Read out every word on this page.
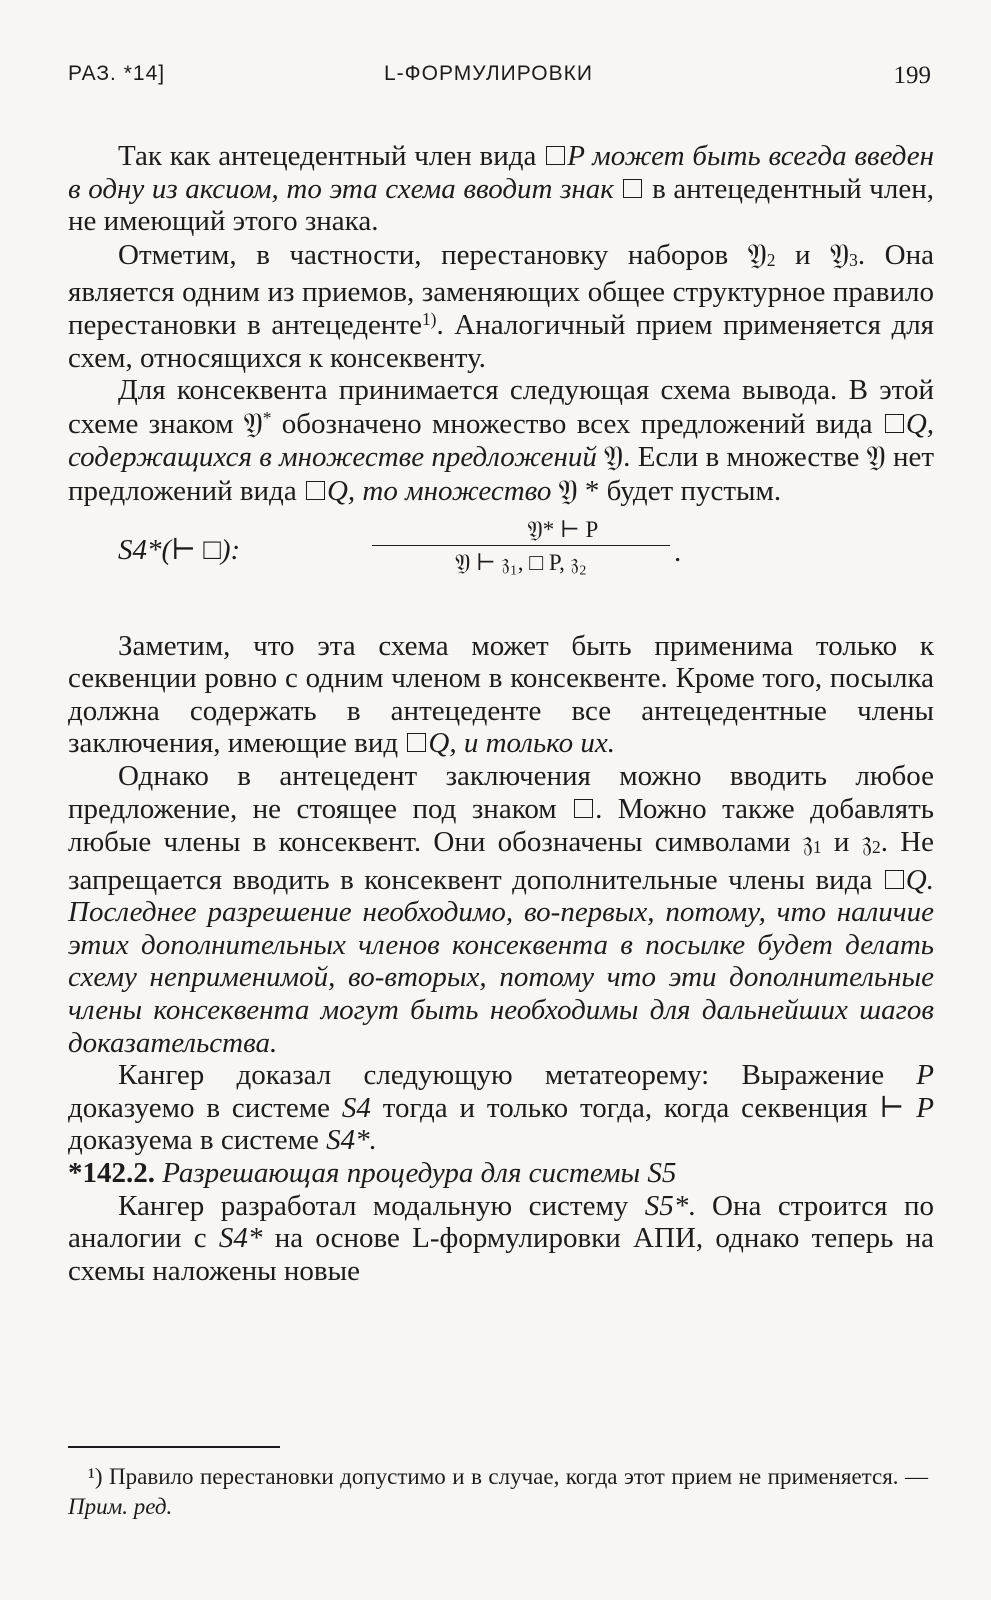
РАЗ. *14]	L-ФОРМУЛИРОВКИ	199

Так как антецедентный член вида P может быть всегда введен в одну из аксиом, то эта схема вводит знак в антецедентный член, не имеющий этого знака.

Отметим, в частности, перестановку наборов 𝔜$_2$ и 𝔜$_3$. Она является одним из приемов, заменяющих общее структурное правило перестановки в антецеденте$^{1)}$. Аналогичный прием применяется для схем, относящихся к консеквенту.

Для консеквента принимается следующая схема вывода. В этой схеме знаком 𝔜* обозначено множество всех предложений вида Q, содержащихся в множестве предложений 𝔜. Если в множестве 𝔜 нет предложений вида Q, то множество 𝔜 * будет пустым.

S4*(⊢ □):
𝔜* ⊢ P
𝔜 ⊢ 𝔷₁, □ P, 𝔷₂	.

Заметим, что эта схема может быть применима только к секвенции ровно с одним членом в консеквенте. Кроме того, посылка должна содержать в антецеденте все антецедентные члены заключения, имеющие вид Q, и только их.

Однако в антецедент заключения можно вводить любое предложение, не стоящее под знаком . Можно также добавлять любые члены в консеквент. Они обозначены символами 𝔷$_1$ и 𝔷$_2$. Не запрещается вводить в консеквент дополнительные члены вида Q. Последнее разрешение необходимо, во-первых, потому, что наличие этих дополнительных членов консеквента в посылке будет делать схему неприменимой, во-вторых, потому что эти дополнительные члены консеквента могут быть необходимы для дальнейших шагов доказательства.

Кангер доказал следующую метатеорему: Выражение P доказуемо в системе S4 тогда и только тогда, когда секвенция ⊢ P доказуема в системе S4*.

*142.2. Разрешающая процедура для системы S5

Кангер разработал модальную систему S5*. Она строится по аналогии с S4* на основе L-формулировки АПИ, однако теперь на схемы наложены новые

¹) Правило перестановки допустимо и в случае, когда этот прием не применяется. — Прим. ред.
